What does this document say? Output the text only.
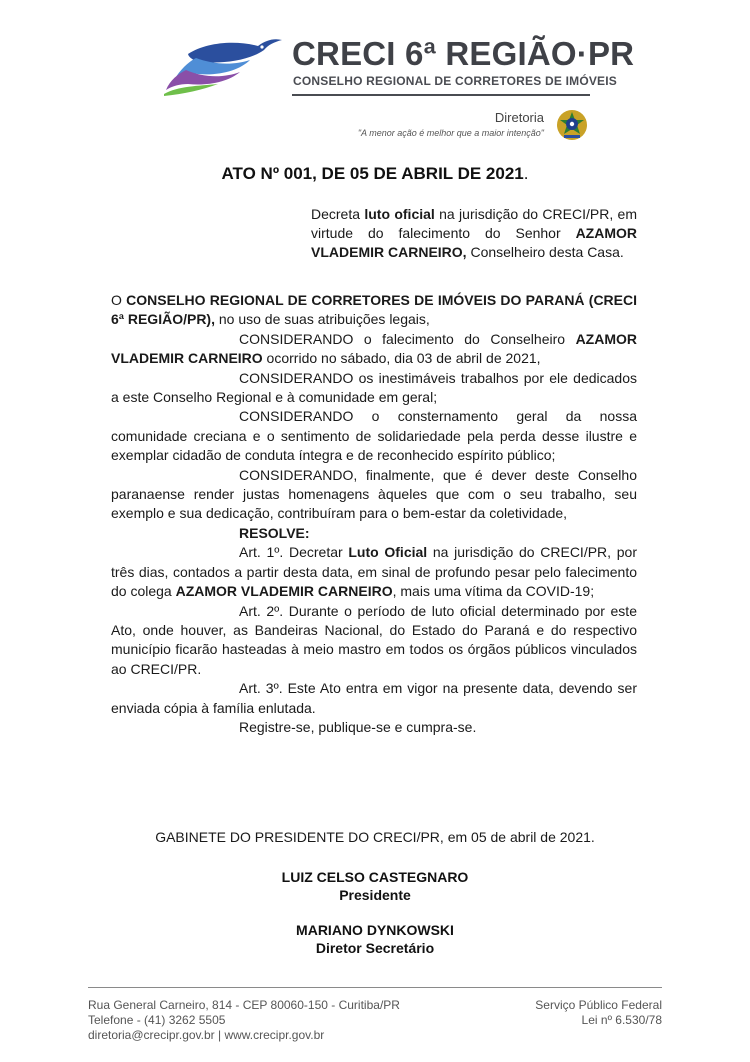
CRECI 6ª REGIÃO·PR
CONSELHO REGIONAL DE CORRETORES DE IMÓVEIS
Diretoria
"A menor ação é melhor que a maior intenção"
ATO Nº 001, DE 05 DE ABRIL DE 2021.
Decreta luto oficial na jurisdição do CRECI/PR, em virtude do falecimento do Senhor AZAMOR VLADEMIR CARNEIRO, Conselheiro desta Casa.

O CONSELHO REGIONAL DE CORRETORES DE IMÓVEIS DO PARANÁ (CRECI 6ª REGIÃO/PR), no uso de suas atribuições legais,

CONSIDERANDO o falecimento do Conselheiro AZAMOR VLADEMIR CARNEIRO ocorrido no sábado, dia 03 de abril de 2021,

CONSIDERANDO os inestimáveis trabalhos por ele dedicados a este Conselho Regional e à comunidade em geral;

CONSIDERANDO o consternamento geral da nossa comunidade creciana e o sentimento de solidariedade pela perda desse ilustre e exemplar cidadão de conduta íntegra e de reconhecido espírito público;

CONSIDERANDO, finalmente, que é dever deste Conselho paranaense render justas homenagens àqueles que com o seu trabalho, seu exemplo e sua dedicação, contribuíram para o bem-estar da coletividade,

RESOLVE:

Art. 1º. Decretar Luto Oficial na jurisdição do CRECI/PR, por três dias, contados a partir desta data, em sinal de profundo pesar pelo falecimento do colega AZAMOR VLADEMIR CARNEIRO, mais uma vítima da COVID-19;

Art. 2º. Durante o período de luto oficial determinado por este Ato, onde houver, as Bandeiras Nacional, do Estado do Paraná e do respectivo município ficarão hasteadas à meio mastro em todos os órgãos públicos vinculados ao CRECI/PR.

Art. 3º. Este Ato entra em vigor na presente data, devendo ser enviada cópia à família enlutada.

Registre-se, publique-se e cumpra-se.

GABINETE DO PRESIDENTE DO CRECI/PR, em 05 de abril de 2021.
LUIZ CELSO CASTEGNARO
Presidente
MARIANO DYNKOWSKI
Diretor Secretário
Rua General Carneiro, 814 - CEP 80060-150 - Curitiba/PR
Telefone - (41) 3262 5505
diretoria@crecipr.gov.br | www.crecipr.gov.br
Serviço Público Federal
Lei nº 6.530/78
